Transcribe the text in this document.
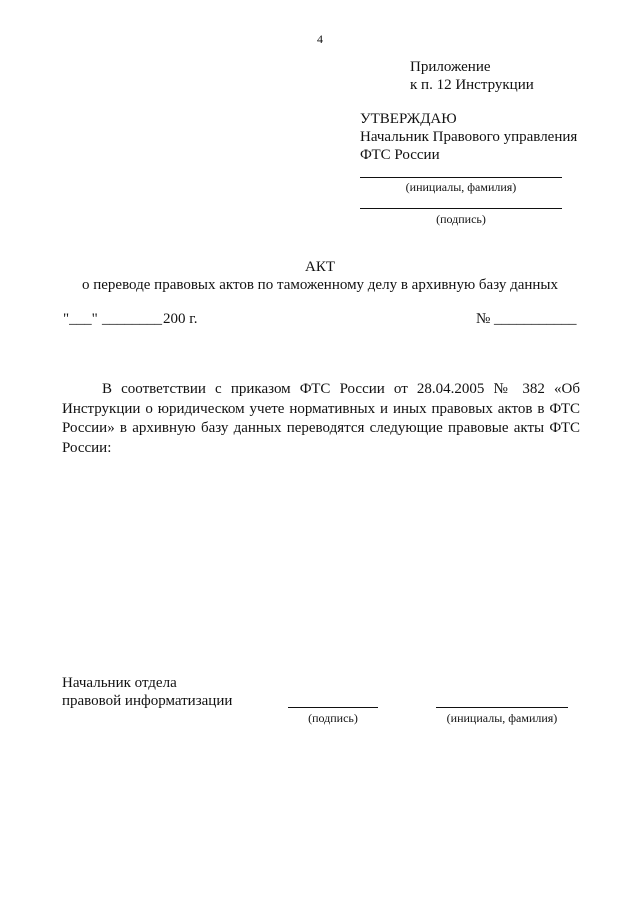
4
Приложение
к п. 12 Инструкции
УТВЕРЖДАЮ
Начальник Правового управления
ФТС России
(инициалы, фамилия)
(подпись)
АКТ
о переводе правовых актов по таможенному делу в архивную базу данных
"___" ________ 200 г.	№ ___________
В соответствии с приказом ФТС России от 28.04.2005 № 382 «Об Инструкции о юридическом учете нормативных и иных правовых актов в ФТС России» в архивную базу данных переводятся следующие правовые акты ФТС России:
Начальник отдела
правовой информатизации
(подпись)	(инициалы, фамилия)
